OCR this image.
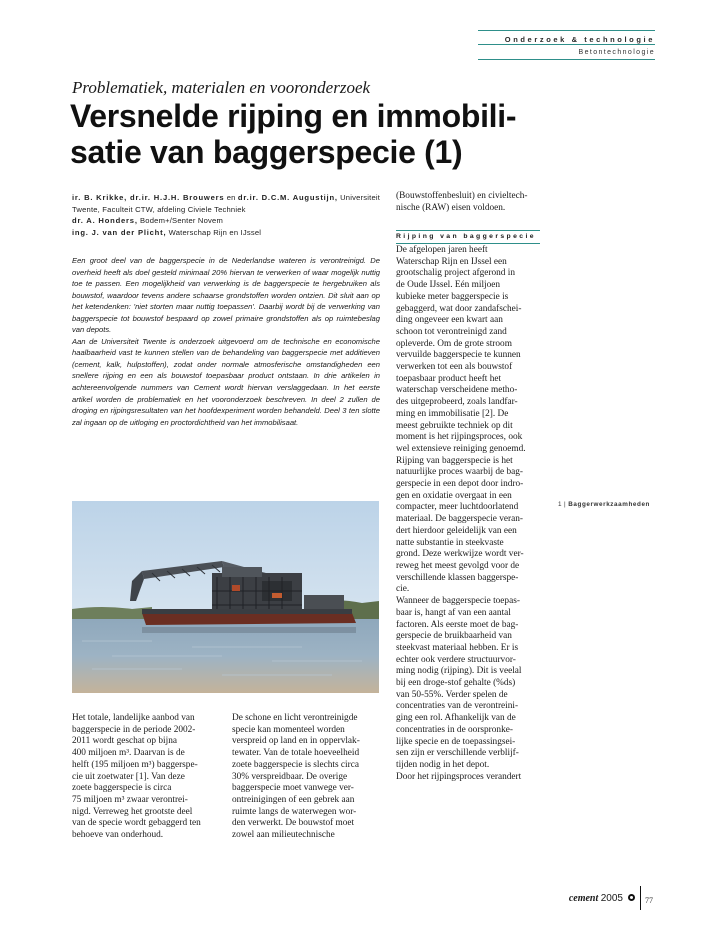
Onderzoek & technologie
Betontechnologie
Problematiek, materialen en vooronderzoek
Versnelde rijping en immobili-
satie van baggerspecie (1)
ir. B. Krikke, dr.ir. H.J.H. Brouwers en dr.ir. D.C.M. Augustijn, Universiteit
Twente, Faculteit CTW, afdeling Civiele Techniek
dr. A. Honders, Bodem+/Senter Novem
ing. J. van der Plicht, Waterschap Rijn en IJssel

Een groot deel van de baggerspecie in de Nederlandse wateren is verontreinigd. De overheid heeft als doel gesteld minimaal 20% hiervan te verwerken of waar mogelijk nuttig toe te passen. Een mogelijkheid van verwerking is de baggerspecie te hergebruiken als bouwstof, waardoor tevens andere schaarse grondstoffen worden ontzien. Dit sluit aan op het ketendenken: 'niet storten maar nuttig toepassen'. Daarbij wordt bij de verwerking van baggerspecie tot bouwstof bespaard op zowel primaire grondstoffen als op ruimtebeslag van depots.

Aan de Universiteit Twente is onderzoek uitgevoerd om de technische en economische haalbaarheid vast te kunnen stellen van de behandeling van baggerspecie met additieven (cement, kalk, hulpstoffen), zodat onder normale atmosferische omstandigheden een snellere rijping en een als bouwstof toepasbaar product ontstaan. In drie artikelen in achtereenvolgende nummers van Cement wordt hiervan verslaggedaan. In het eerste artikel worden de problematiek en het vooronderzoek beschreven. In deel 2 zullen de droging en rijpingsresultaten van het hoofdexperiment worden behandeld. Deel 3 ten slotte zal ingaan op de uitloging en proctordichtheid van het immobilisaat.

Het totale, landelijke aanbod van
baggerspecie in de periode 2002-
2011 wordt geschat op bijna
400 miljoen m³. Daarvan is de
helft (195 miljoen m³) baggerspe-
cie uit zoetwater [1]. Van deze
zoete baggerspecie is circa
75 miljoen m³ zwaar verontrei-
nigd. Verreweg het grootste deel
van de specie wordt gebaggerd ten
behoeve van onderhoud.
De schone en licht verontreinigde
specie kan momenteel worden
verspreid op land en in oppervlak-
tewater. Van de totale hoeveelheid
zoete baggerspecie is slechts circa
30% verspreidbaar. De overige
baggerspecie moet vanwege ver-
ontreinigingen of een gebrek aan
ruimte langs de waterwegen wor-
den verwerkt. De bouwstof moet
zowel aan milieutechnische
(Bouwstoffenbesluit) en civieltech-
nische (RAW) eisen voldoen.
Rijping van baggerspecie
De afgelopen jaren heeft
Waterschap Rijn en IJssel een
grootschalig project afgerond in
de Oude IJssel. Eén miljoen
kubieke meter baggerspecie is
gebaggerd, wat door zandafschei-
ding ongeveer een kwart aan
schoon tot verontreinigd zand
opleverde. Om de grote stroom
vervuilde baggerspecie te kunnen
verwerken tot een als bouwstof
toepasbaar product heeft het
waterschap verscheidene metho-
des uitgeprobeerd, zoals landfar-
ming en immobilisatie [2]. De
meest gebruikte techniek op dit
moment is het rijpingsproces, ook
wel extensieve reiniging genoemd.
Rijping van baggerspecie is het
natuurlijke proces waarbij de bag-
gerspecie in een depot door indro-
gen en oxidatie overgaat in een
compacter, meer luchtdoorlatend
materiaal. De baggerspecie veran-
dert hierdoor geleidelijk van een
natte substantie in steekvaste
grond. Deze werkwijze wordt ver-
reweg het meest gevolgd voor de
verschillende klassen baggerspe-
cie.
Wanneer de baggerspecie toepas-
baar is, hangt af van een aantal
factoren. Als eerste moet de bag-
gerspecie de bruikbaarheid van
steekvast materiaal hebben. Er is
echter ook verdere structuurvor-
ming nodig (rijping). Dit is veelal
bij een droge-stof gehalte (%ds)
van 50-55%. Verder spelen de
concentraties van de verontreini-
ging een rol. Afhankelijk van de
concentraties in de oorspronke-
lijke specie en de toepassingsei-
sen zijn er verschillende verblijf-
tijden nodig in het depot.
Door het rijpingsproces verandert
1 | Baggerwerkzaamheden
cement 2005	77
